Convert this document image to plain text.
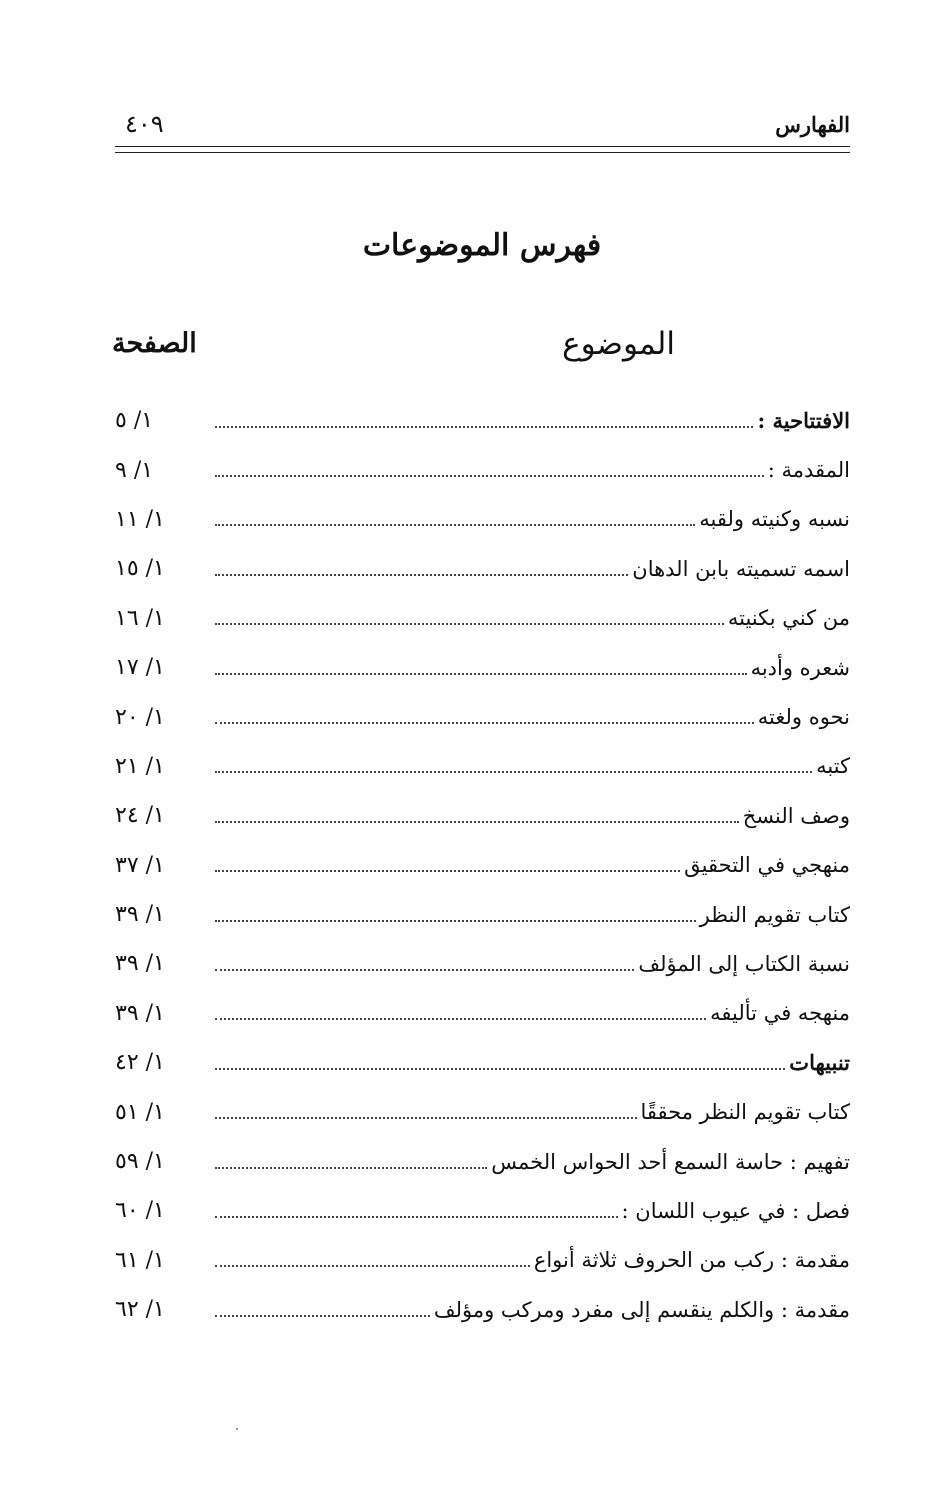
الفهارس
٤٠٩
فهرس الموضوعات
الموضوع
الصفحة
الافتتاحية :
١/ ٥
المقدمة :
١/ ٩
نسبه وكنيته ولقبه
١/ ١١
اسمه تسميته بابن الدهان
١/ ١٥
من كني بكنيته
١/ ١٦
شعره وأدبه
١/ ١٧
نحوه ولغته
١/ ٢٠
كتبه
١/ ٢١
وصف النسخ
١/ ٢٤
منهجي في التحقيق
١/ ٣٧
كتاب تقويم النظر
١/ ٣٩
نسبة الكتاب إلى المؤلف
١/ ٣٩
منهجه في تأليفه
١/ ٣٩
تنبيهات
١/ ٤٢
كتاب تقويم النظر محققًا
١/ ٥١
تفهيم : حاسة السمع أحد الحواس الخمس
١/ ٥٩
فصل : في عيوب اللسان :
١/ ٦٠
مقدمة : ركب من الحروف ثلاثة أنواع
١/ ٦١
مقدمة : والكلم ينقسم إلى مفرد ومركب ومؤلف
١/ ٦٢
